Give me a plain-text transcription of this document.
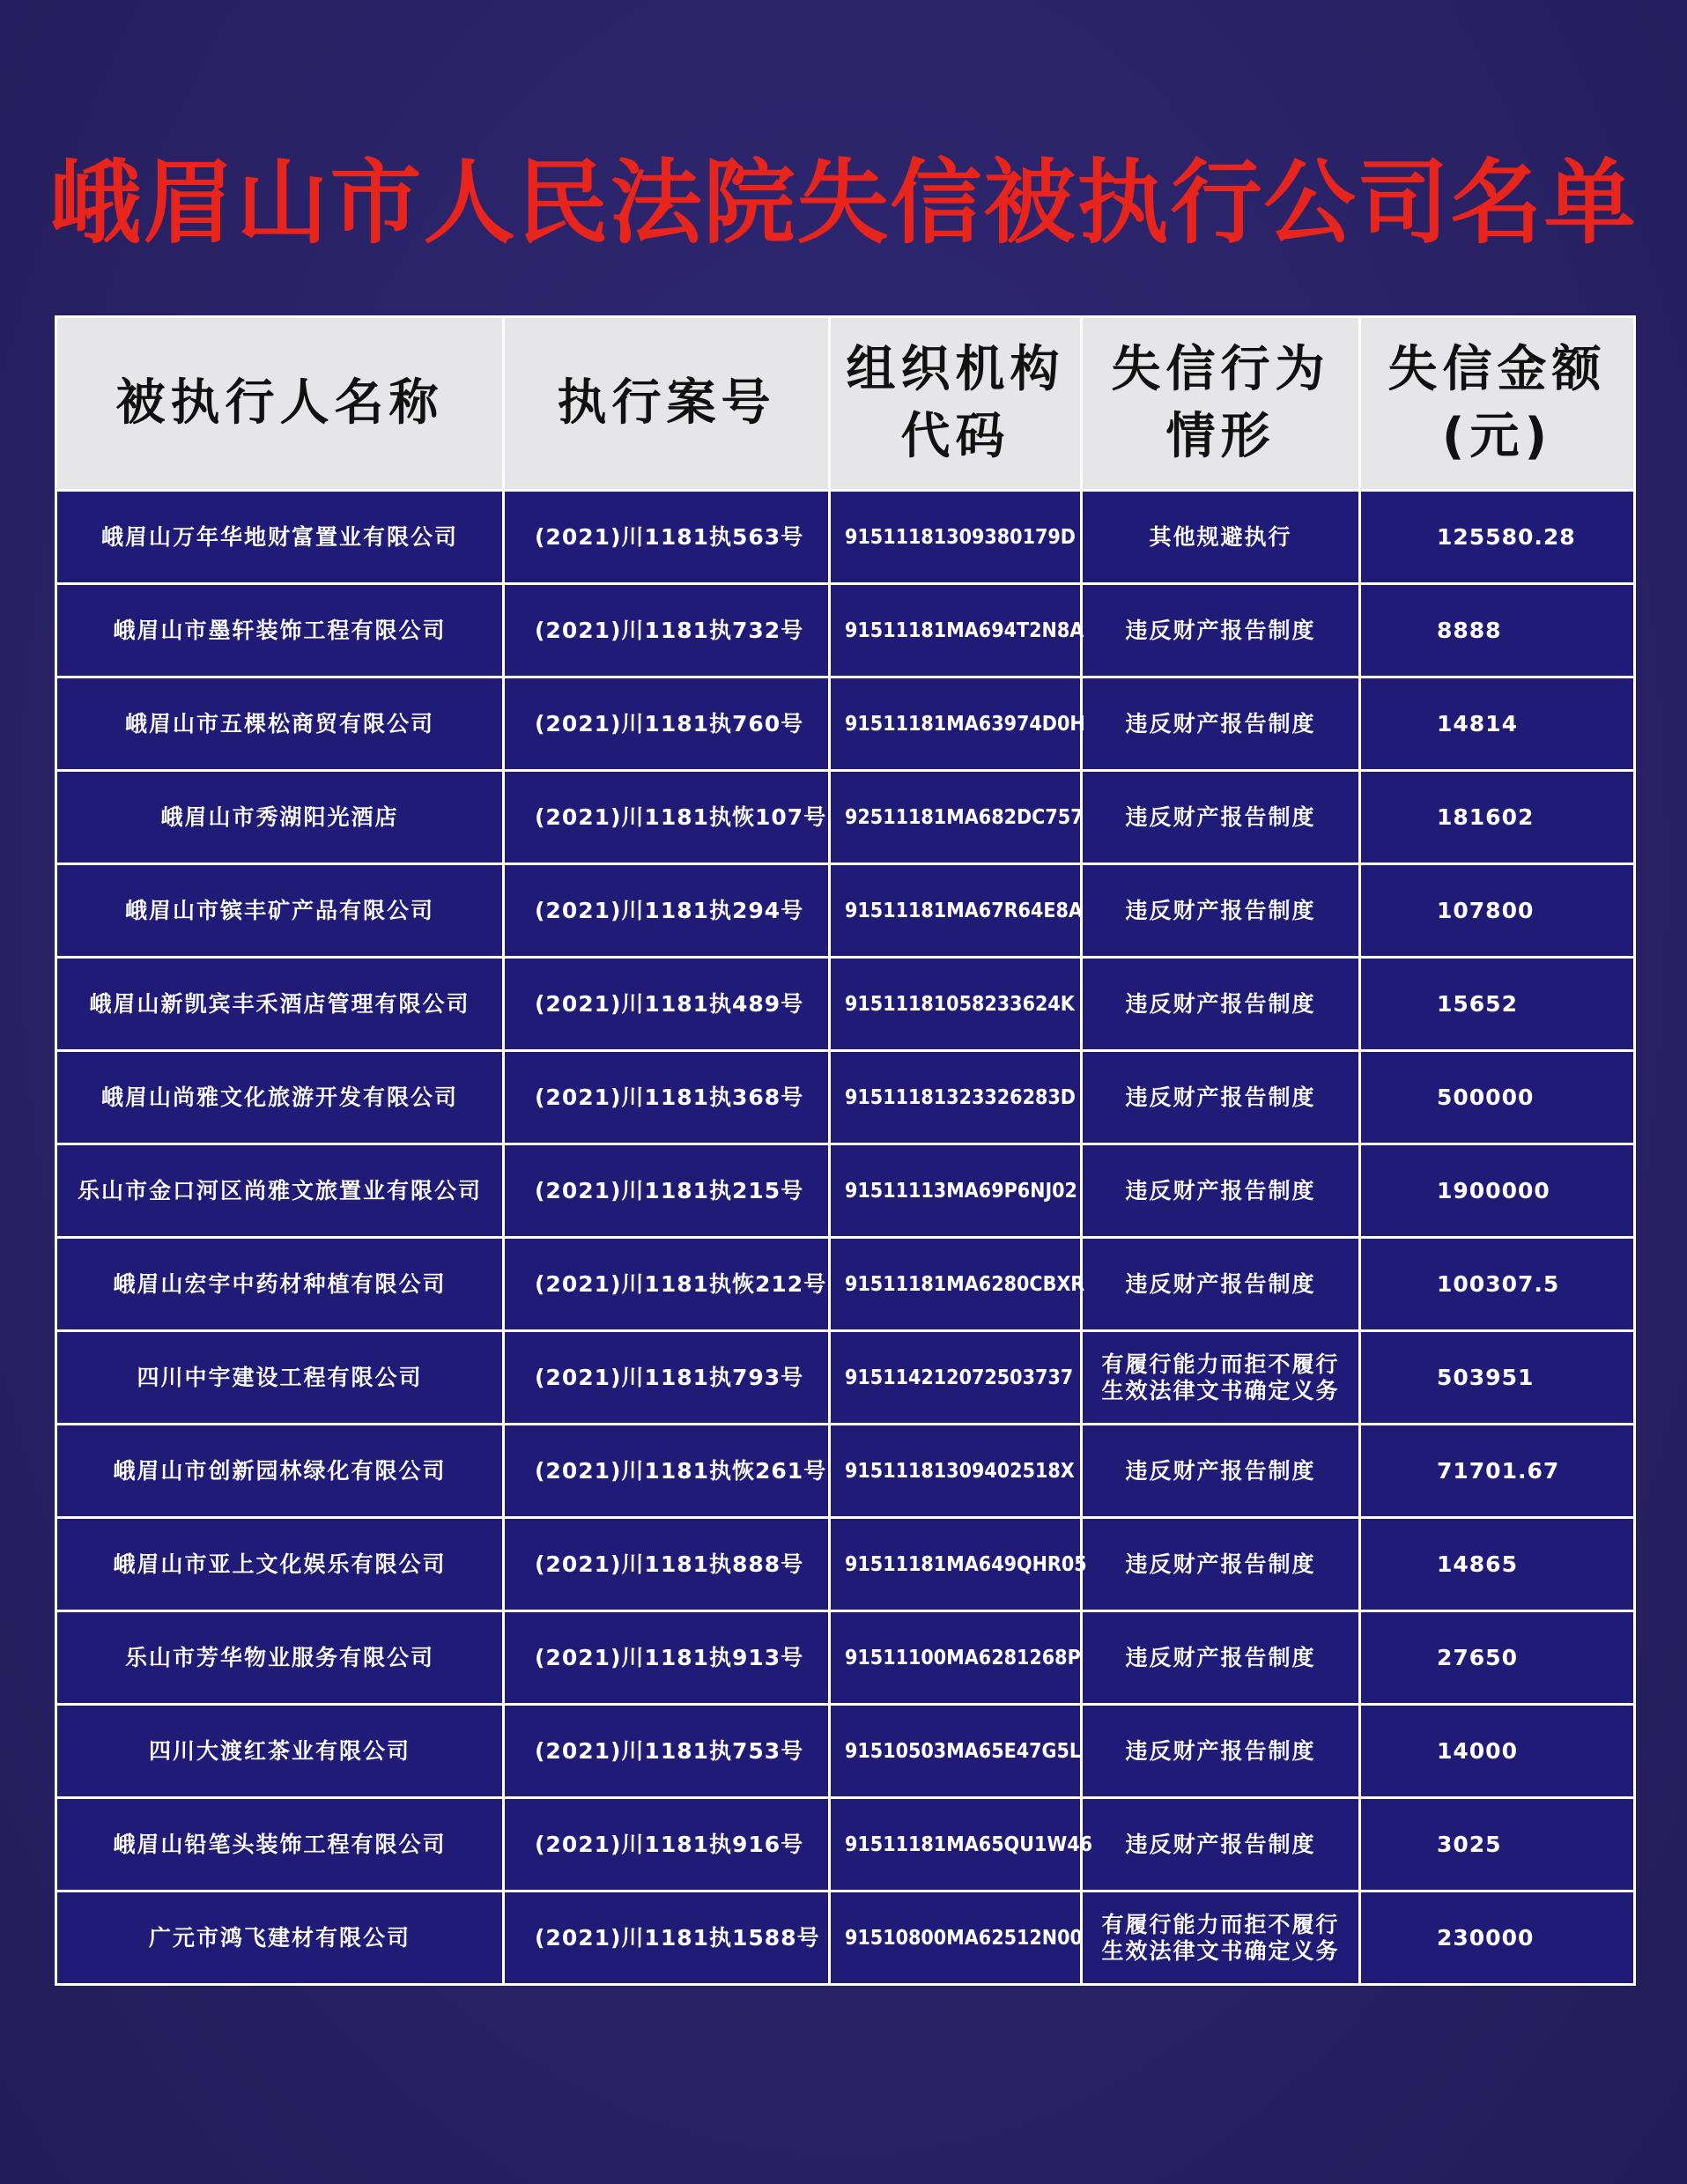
峨眉山市人民法院失信被执行公司名单
被执行人名称	执行案号	组织机构代码	失信行为情形	失信金额(元)
峨眉山万年华地财富置业有限公司	(2021)川1181执563号	91511181309380179D	其他规避执行	125580.28
峨眉山市墨轩装饰工程有限公司	(2021)川1181执732号	91511181MA694T2N8A	违反财产报告制度	8888
峨眉山市五棵松商贸有限公司	(2021)川1181执760号	91511181MA63974D0H	违反财产报告制度	14814
峨眉山市秀湖阳光酒店	(2021)川1181执恢107号	92511181MA682DC757	违反财产报告制度	181602
峨眉山市镔丰矿产品有限公司	(2021)川1181执294号	91511181MA67R64E8A	违反财产报告制度	107800
峨眉山新凯宾丰禾酒店管理有限公司	(2021)川1181执489号	91511181058233624K	违反财产报告制度	15652
峨眉山尚雅文化旅游开发有限公司	(2021)川1181执368号	91511181323326283D	违反财产报告制度	500000
乐山市金口河区尚雅文旅置业有限公司	(2021)川1181执215号	91511113MA69P6NJ02	违反财产报告制度	1900000
峨眉山宏宇中药材种植有限公司	(2021)川1181执恢212号	91511181MA6280CBXR	违反财产报告制度	100307.5
四川中宇建设工程有限公司	(2021)川1181执793号	915114212072503737	有履行能力而拒不履行生效法律文书确定义务	503951
峨眉山市创新园林绿化有限公司	(2021)川1181执恢261号	91511181309402518X	违反财产报告制度	71701.67
峨眉山市亚上文化娱乐有限公司	(2021)川1181执888号	91511181MA649QHR05	违反财产报告制度	14865
乐山市芳华物业服务有限公司	(2021)川1181执913号	91511100MA6281268P	违反财产报告制度	27650
四川大渡红茶业有限公司	(2021)川1181执753号	91510503MA65E47G5L	违反财产报告制度	14000
峨眉山铅笔头装饰工程有限公司	(2021)川1181执916号	91511181MA65QU1W46	违反财产报告制度	3025
广元市鸿飞建材有限公司	(2021)川1181执1588号	91510800MA62512N00	有履行能力而拒不履行生效法律文书确定义务	230000
